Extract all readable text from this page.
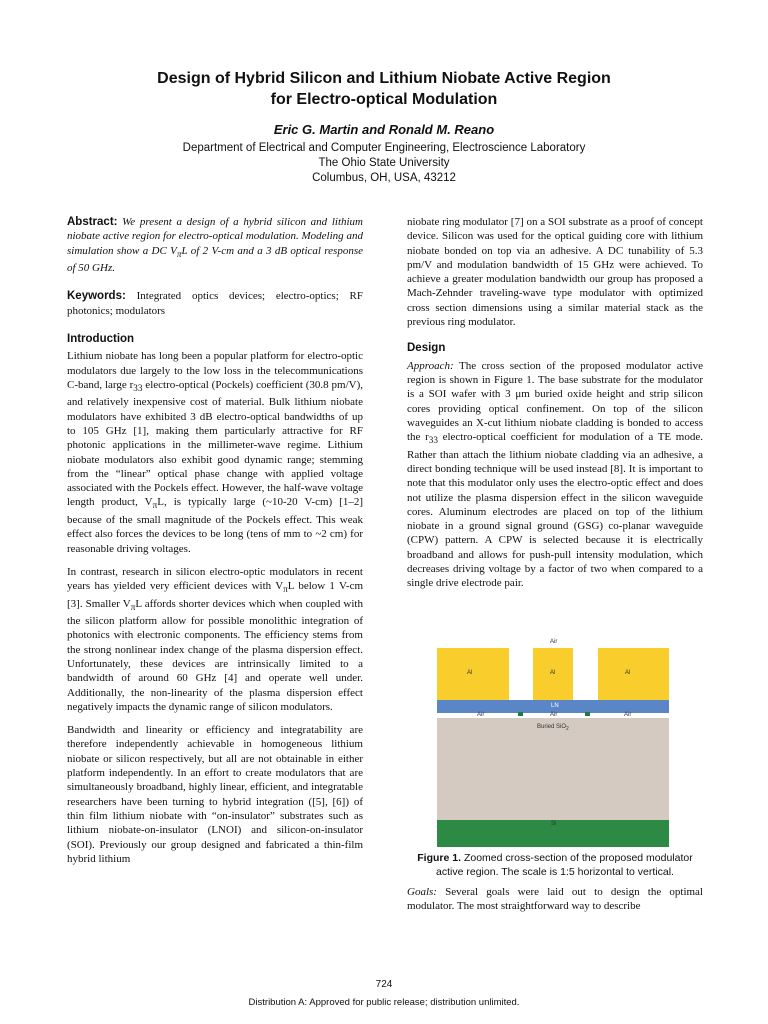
Design of Hybrid Silicon and Lithium Niobate Active Region
for Electro-optical Modulation
Eric G. Martin and Ronald M. Reano
Department of Electrical and Computer Engineering, Electroscience Laboratory
The Ohio State University
Columbus, OH, USA, 43212

Abstract: We present a design of a hybrid silicon and lithium niobate active region for electro-optical modulation. Modeling and simulation show a DC $V_\pi L$ of 2 V-cm and a 3 dB optical response of 50 GHz.

Keywords: Integrated optics devices; electro-optics; RF photonics; modulators

Introduction

Lithium niobate has long been a popular platform for electro-optic modulators due largely to the low loss in the telecommunications C-band, large $r_{33}$ electro-optical (Pockels) coefficient (30.8 pm/V), and relatively inexpensive cost of material. Bulk lithium niobate modulators have exhibited 3 dB electro-optical bandwidths of up to 105 GHz [1], making them particularly attractive for RF photonic applications in the millimeter-wave regime. Lithium niobate modulators also exhibit good dynamic range; stemming from the “linear” optical phase change with applied voltage associated with the Pockels effect. However, the half-wave voltage length product, $V_\pi L$, is typically large (~10-20 V-cm) [1–2] because of the small magnitude of the Pockels effect. This weak effect also forces the devices to be long (tens of mm to ~2 cm) for reasonable driving voltages.

In contrast, research in silicon electro-optic modulators in recent years has yielded very efficient devices with $V_\pi L$ below 1 V-cm [3]. Smaller $V_\pi L$ affords shorter devices which when coupled with the silicon platform allow for possible monolithic integration of photonics with electronic components. The efficiency stems from the strong nonlinear index change of the plasma dispersion effect. Unfortunately, these devices are intrinsically limited to a bandwidth of around 60 GHz [4] and operate well under. Additionally, the non-linearity of the plasma dispersion effect negatively impacts the dynamic range of silicon modulators.

Bandwidth and linearity or efficiency and integratability are therefore independently achievable in homogeneous lithium niobate or silicon respectively, but all are not obtainable in either platform independently. In an effort to create modulators that are simultaneously broadband, highly linear, efficient, and integratable researchers have been turning to hybrid integration ([5], [6]) of thin film lithium niobate with “on-insulator” substrates such as lithium niobate-on-insulator (LNOI) and silicon-on-insulator (SOI). Previously our group designed and fabricated a thin-film hybrid lithium

niobate ring modulator [7] on a SOI substrate as a proof of concept device. Silicon was used for the optical guiding core with lithium niobate bonded on top via an adhesive. A DC tunability of 5.3 pm/V and modulation bandwidth of 15 GHz were achieved. To achieve a greater modulation bandwidth our group has proposed a Mach-Zehnder traveling-wave type modulator with optimized cross section dimensions using a similar material stack as the previous ring modulator.

Design

Approach: The cross section of the proposed modulator active region is shown in Figure 1. The base substrate for the modulator is a SOI wafer with 3 μm buried oxide height and strip silicon cores providing optical confinement. On top of the silicon waveguides an X-cut lithium niobate cladding is bonded to access the $r_{33}$ electro-optical coefficient for modulation of a TE mode. Rather than attach the lithium niobate cladding via an adhesive, a direct bonding technique will be used instead [8]. It is important to note that this modulator only uses the electro-optic effect and does not utilize the plasma dispersion effect in the silicon waveguide cores. Aluminum electrodes are placed on top of the lithium niobate in a ground signal ground (GSG) co-planar waveguide (CPW) pattern. A CPW is selected because it is electrically broadband and allows for push-pull intensity modulation, which decreases driving voltage by a factor of two when compared to a single drive electrode pair.

Air
Al	Al	Al
LN
Air	Air	Air
Buried SiO$_2$
Si
Figure 1. Zoomed cross-section of the proposed modulator active region. The scale is 1:5 horizontal to vertical.
Goals: Several goals were laid out to design the optimal modulator. The most straightforward way to describe
724
Distribution A: Approved for public release; distribution unlimited.
